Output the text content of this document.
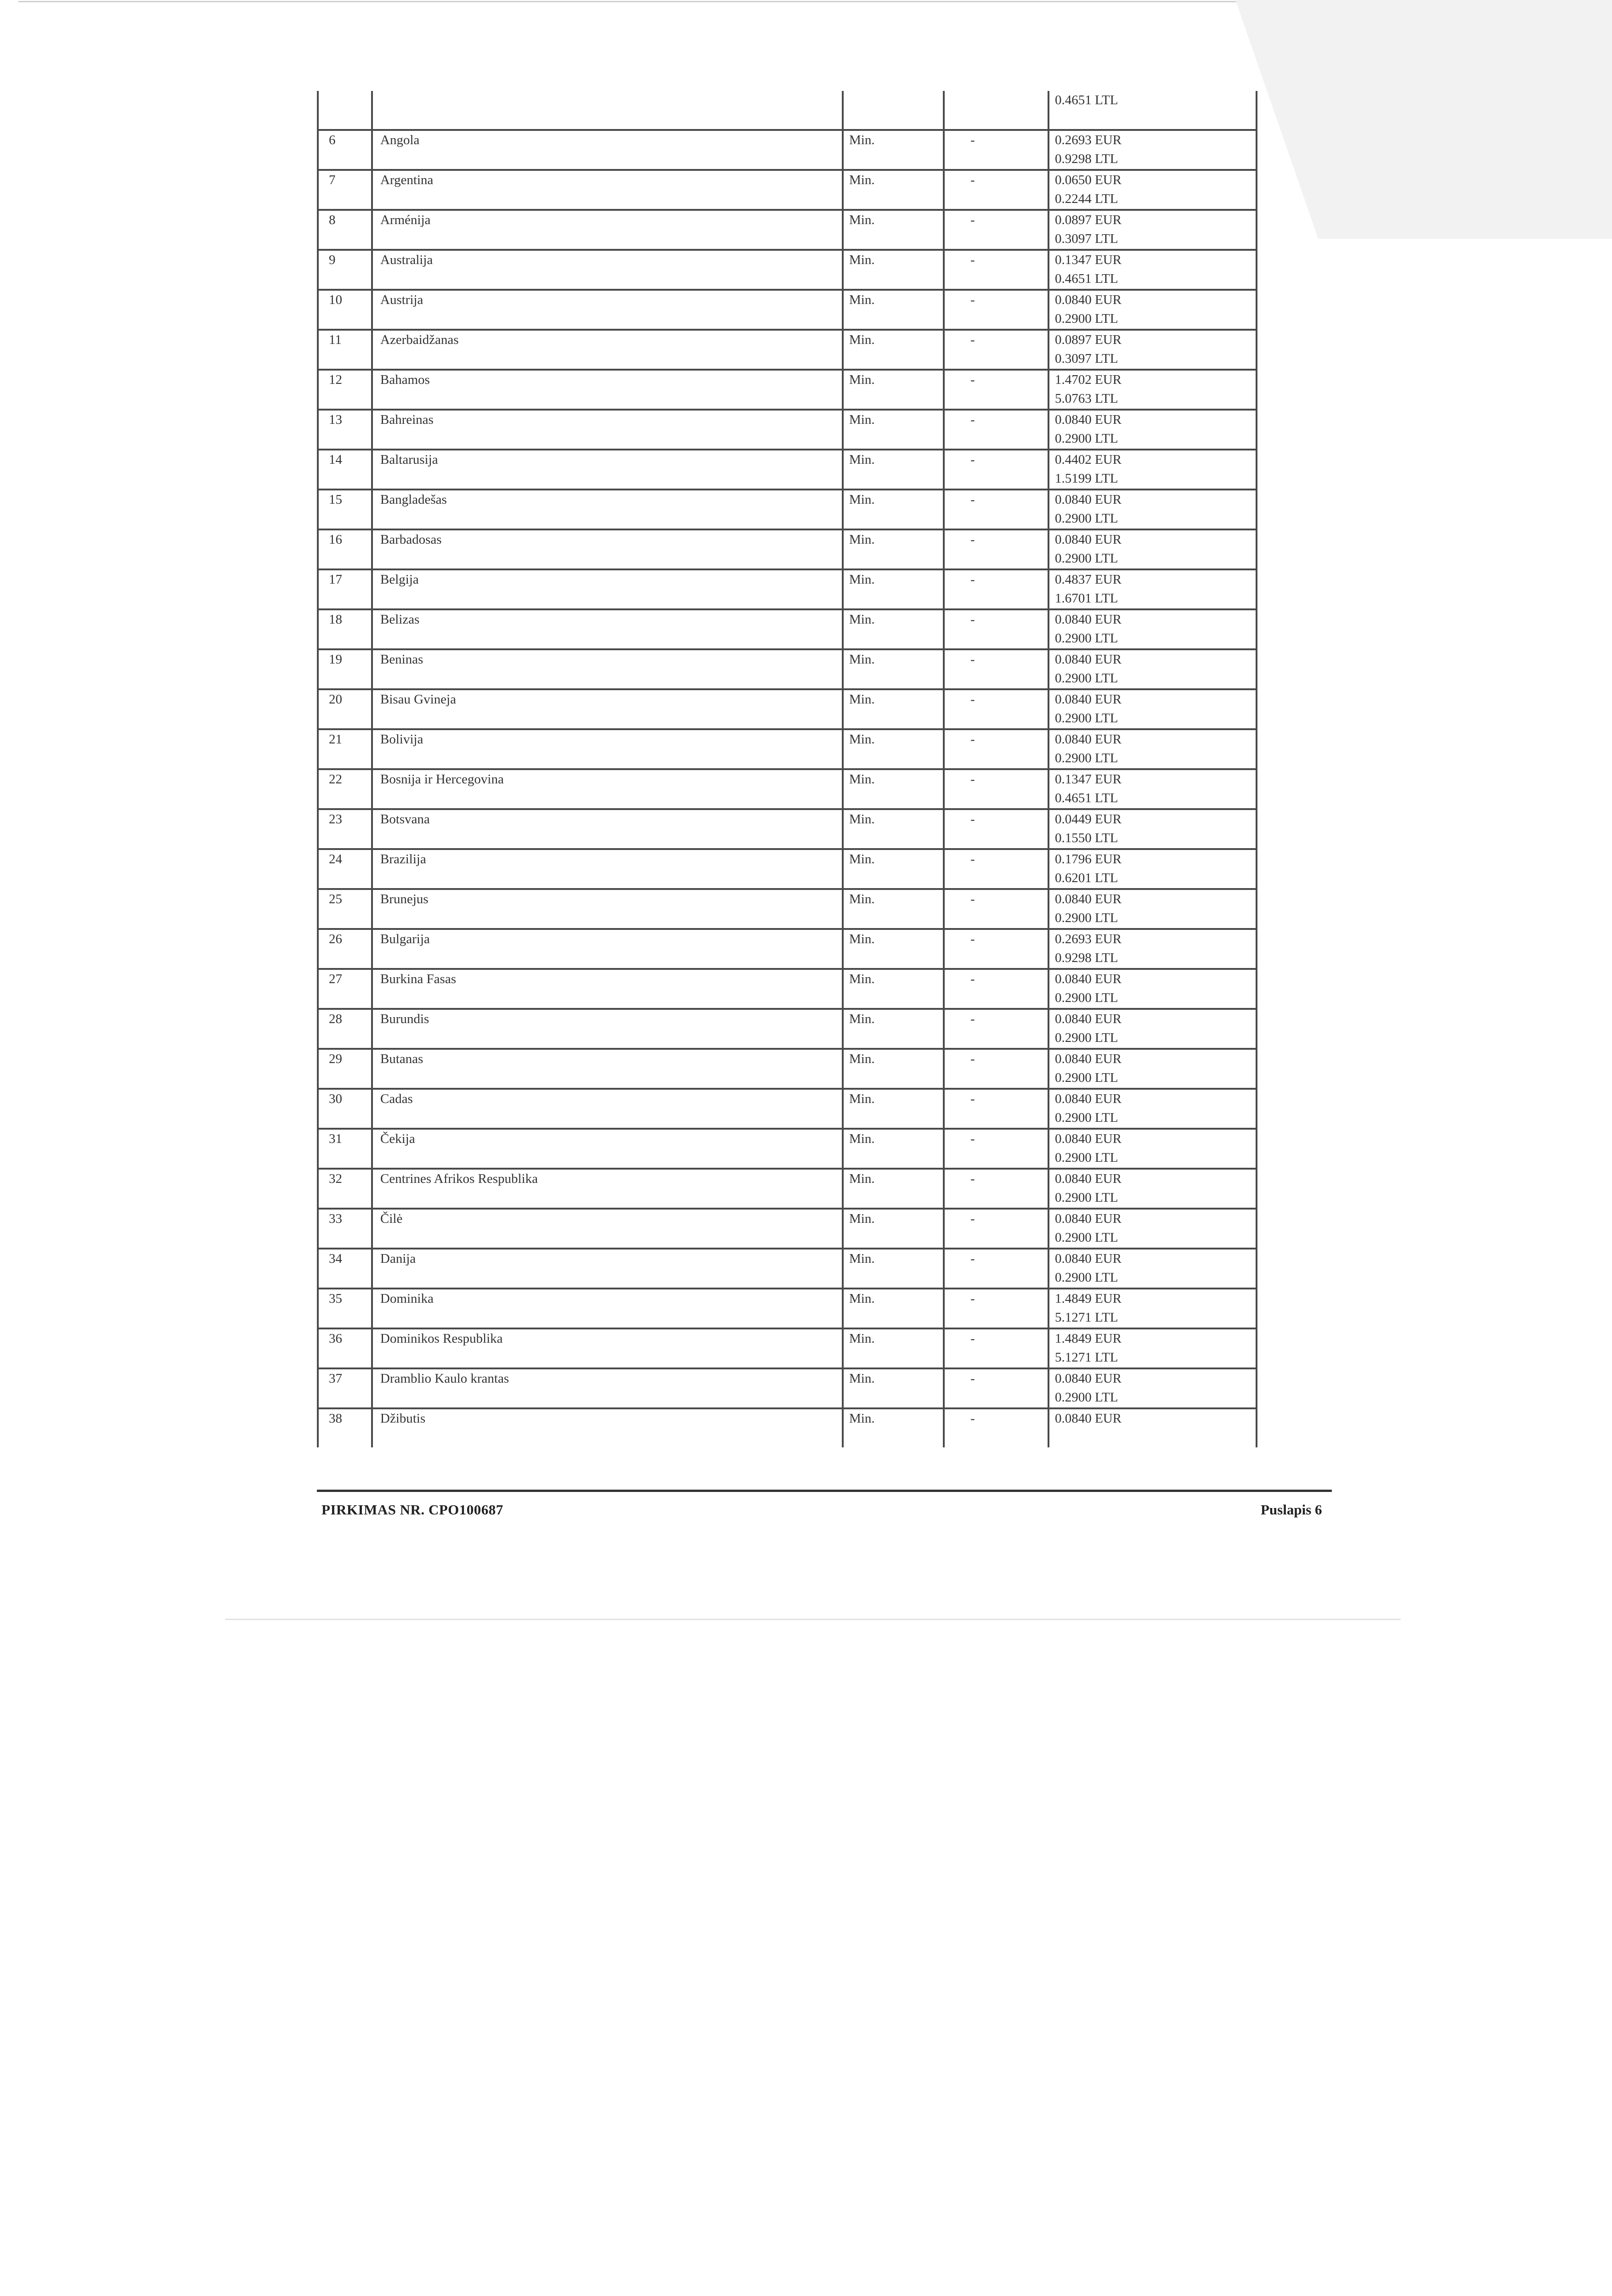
				0.4651 LTL

6	Angola	Min.	-	0.2693 EUR
0.9298 LTL

7	Argentina	Min.	-	0.0650 EUR
0.2244 LTL

8	Arménija	Min.	-	0.0897 EUR
0.3097 LTL

9	Australija	Min.	-	0.1347 EUR
0.4651 LTL

10	Austrija	Min.	-	0.0840 EUR
0.2900 LTL

11	Azerbaidžanas	Min.	-	0.0897 EUR
0.3097 LTL

12	Bahamos	Min.	-	1.4702 EUR
5.0763 LTL

13	Bahreinas	Min.	-	0.0840 EUR
0.2900 LTL

14	Baltarusija	Min.	-	0.4402 EUR
1.5199 LTL

15	Bangladešas	Min.	-	0.0840 EUR
0.2900 LTL

16	Barbadosas	Min.	-	0.0840 EUR
0.2900 LTL

17	Belgija	Min.	-	0.4837 EUR
1.6701 LTL

18	Belizas	Min.	-	0.0840 EUR
0.2900 LTL

19	Beninas	Min.	-	0.0840 EUR
0.2900 LTL

20	Bisau Gvineja	Min.	-	0.0840 EUR
0.2900 LTL

21	Bolivija	Min.	-	0.0840 EUR
0.2900 LTL

22	Bosnija ir Hercegovina	Min.	-	0.1347 EUR
0.4651 LTL

23	Botsvana	Min.	-	0.0449 EUR
0.1550 LTL

24	Brazilija	Min.	-	0.1796 EUR
0.6201 LTL

25	Brunejus	Min.	-	0.0840 EUR
0.2900 LTL

26	Bulgarija	Min.	-	0.2693 EUR
0.9298 LTL

27	Burkina Fasas	Min.	-	0.0840 EUR
0.2900 LTL

28	Burundis	Min.	-	0.0840 EUR
0.2900 LTL

29	Butanas	Min.	-	0.0840 EUR
0.2900 LTL

30	Cadas	Min.	-	0.0840 EUR
0.2900 LTL

31	Čekija	Min.	-	0.0840 EUR
0.2900 LTL

32	Centrines Afrikos Respublika	Min.	-	0.0840 EUR
0.2900 LTL

33	Čilė	Min.	-	0.0840 EUR
0.2900 LTL

34	Danija	Min.	-	0.0840 EUR
0.2900 LTL

35	Dominika	Min.	-	1.4849 EUR
5.1271 LTL

36	Dominikos Respublika	Min.	-	1.4849 EUR
5.1271 LTL

37	Dramblio Kaulo krantas	Min.	-	0.0840 EUR
0.2900 LTL

38	Džibutis	Min.	-	0.0840 EUR
PIRKIMAS NR. CPO100687	Puslapis 6
